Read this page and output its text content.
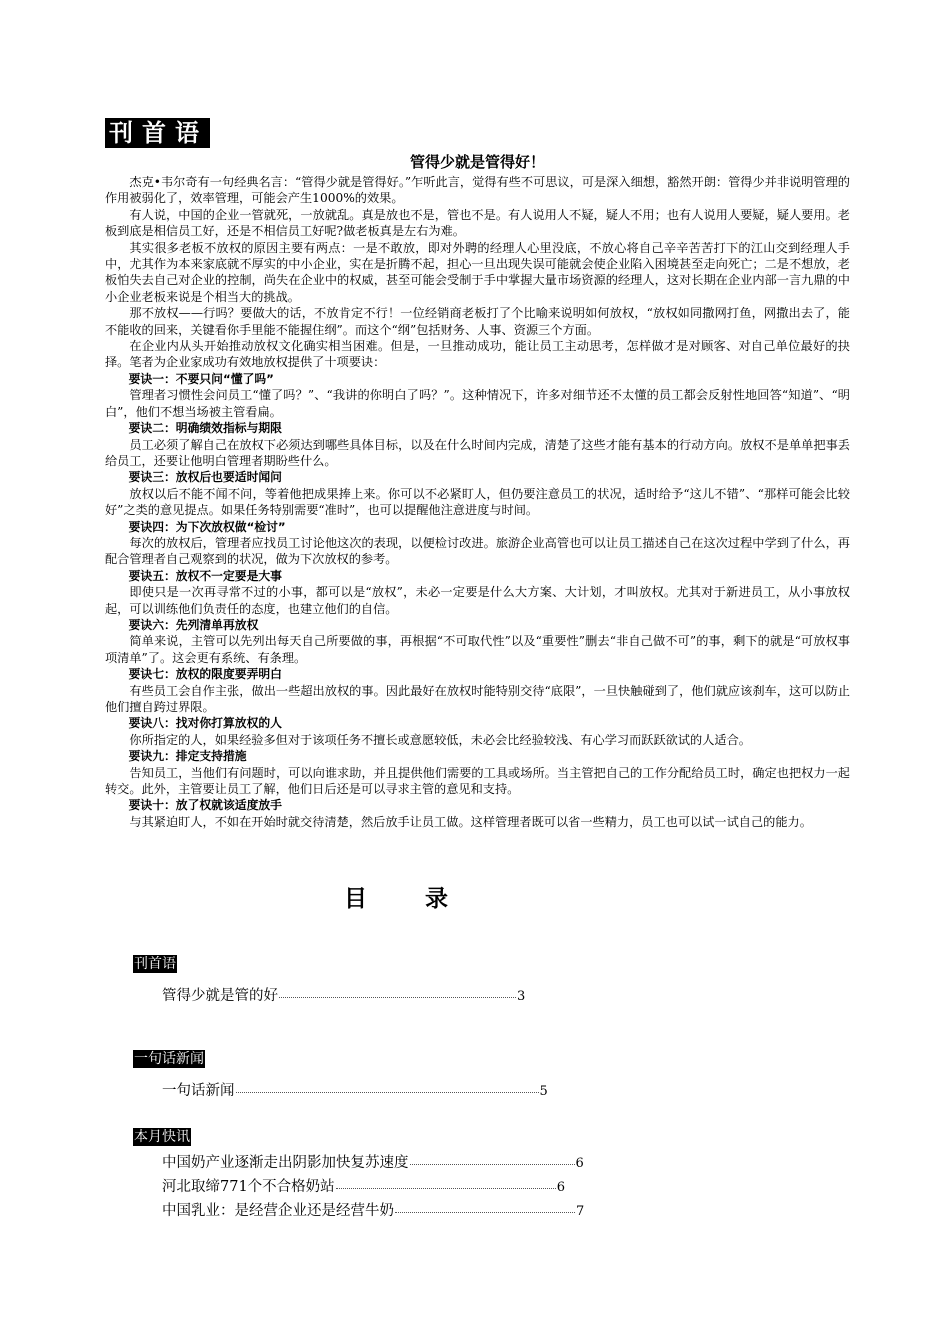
刊首语
管得少就是管得好！

杰克•韦尔奇有一句经典名言：“管得少就是管得好。”乍听此言，觉得有些不可思议，可是深入细想，豁然开朗：管得少并非说明管理的作用被弱化了，效率管理，可能会产生1000%的效果。

有人说，中国的企业一管就死，一放就乱。真是放也不是，管也不是。有人说用人不疑，疑人不用；也有人说用人要疑，疑人要用。老板到底是相信员工好，还是不相信员工好呢?做老板真是左右为难。

其实很多老板不放权的原因主要有两点：一是不敢放，即对外聘的经理人心里没底，不放心将自己辛辛苦苦打下的江山交到经理人手中，尤其作为本来家底就不厚实的中小企业，实在是折腾不起，担心一旦出现失误可能就会使企业陷入困境甚至走向死亡；二是不想放，老板怕失去自己对企业的控制，尚失在企业中的权威，甚至可能会受制于手中掌握大量市场资源的经理人，这对长期在企业内部一言九鼎的中小企业老板来说是个相当大的挑战。

那不放权——行吗？要做大的话，不放肯定不行！一位经销商老板打了个比喻来说明如何放权，“放权如同撒网打鱼，网撒出去了，能不能收的回来，关键看你手里能不能握住纲”。而这个“纲”包括财务、人事、资源三个方面。

在企业内从头开始推动放权文化确实相当困难。但是，一旦推动成功，能让员工主动思考，怎样做才是对顾客、对自己单位最好的抉择。笔者为企业家成功有效地放权提供了十项要诀：

要诀一：不要只问“懂了吗”

管理者习惯性会问员工“懂了吗？”、“我讲的你明白了吗？”。这种情况下，许多对细节还不太懂的员工都会反射性地回答“知道”、“明白”，他们不想当场被主管看扁。

要诀二：明确绩效指标与期限

员工必须了解自己在放权下必须达到哪些具体目标，以及在什么时间内完成，清楚了这些才能有基本的行动方向。放权不是单单把事丢给员工，还要让他明白管理者期盼些什么。

要诀三：放权后也要适时闻问

放权以后不能不闻不问，等着他把成果捧上来。你可以不必紧盯人，但仍要注意员工的状况，适时给予“这儿不错”、“那样可能会比较好”之类的意见提点。如果任务特别需要“准时”，也可以提醒他注意进度与时间。

要诀四：为下次放权做“检讨”

每次的放权后，管理者应找员工讨论他这次的表现，以便检讨改进。旅游企业高管也可以让员工描述自己在这次过程中学到了什么，再配合管理者自己观察到的状况，做为下次放权的参考。

要诀五：放权不一定要是大事

即使只是一次再寻常不过的小事，都可以是“放权”，未必一定要是什么大方案、大计划，才叫放权。尤其对于新进员工，从小事放权起，可以训练他们负责任的态度，也建立他们的自信。

要诀六：先列清单再放权

简单来说，主管可以先列出每天自己所要做的事，再根据“不可取代性”以及“重要性”删去“非自己做不可”的事，剩下的就是“可放权事项清单”了。这会更有系统、有条理。

要诀七：放权的限度要弄明白

有些员工会自作主张，做出一些超出放权的事。因此最好在放权时能特别交待“底限”，一旦快触碰到了，他们就应该刹车，这可以防止他们擅自跨过界限。

要诀八：找对你打算放权的人

你所指定的人，如果经验多但对于该项任务不擅长或意愿较低，未必会比经验较浅、有心学习而跃跃欲试的人适合。

要诀九：排定支持措施

告知员工，当他们有问题时，可以向谁求助，并且提供他们需要的工具或场所。当主管把自己的工作分配给员工时，确定也把权力一起转交。此外，主管要让员工了解，他们日后还是可以寻求主管的意见和支持。

要诀十：放了权就该适度放手

与其紧迫盯人，不如在开始时就交待清楚，然后放手让员工做。这样管理者既可以省一些精力，员工也可以试一试自己的能力。

目录
刊首语
管得少就是管的好	3
一句话新闻
一句话新闻	5
本月快讯
中国奶产业逐渐走出阴影加快复苏速度	6
河北取缔771个不合格奶站	6
中国乳业：是经营企业还是经营牛奶	7
